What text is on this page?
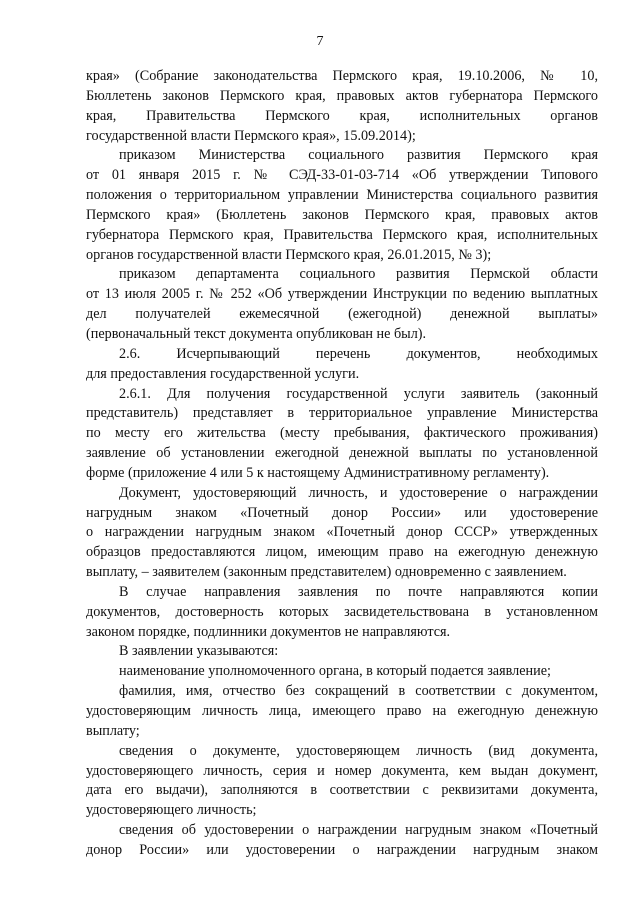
7
края» (Собрание законодательства Пермского края, 19.10.2006, № 10,
Бюллетень законов Пермского края, правовых актов губернатора Пермского
края, Правительства Пермского края, исполнительных органов
государственной власти Пермского края», 15.09.2014);
приказом Министерства социального развития Пермского края
от 01 января 2015 г. № СЭД-33-01-03-714 «Об утверждении Типового
положения о территориальном управлении Министерства социального развития
Пермского края» (Бюллетень законов Пермского края, правовых актов
губернатора Пермского края, Правительства Пермского края, исполнительных
органов государственной власти Пермского края, 26.01.2015, № 3);
приказом департамента социального развития Пермской области
от 13 июля 2005 г. № 252 «Об утверждении Инструкции по ведению выплатных
дел получателей ежемесячной (ежегодной) денежной выплаты»
(первоначальный текст документа опубликован не был).
2.6. Исчерпывающий перечень документов, необходимых
для предоставления государственной услуги.
2.6.1. Для получения государственной услуги заявитель (законный
представитель) представляет в территориальное управление Министерства
по месту его жительства (месту пребывания, фактического проживания)
заявление об установлении ежегодной денежной выплаты по установленной
форме (приложение 4 или 5 к настоящему Административному регламенту).
Документ, удостоверяющий личность, и удостоверение о награждении
нагрудным знаком «Почетный донор России» или удостоверение
о награждении нагрудным знаком «Почетный донор СССР» утвержденных
образцов предоставляются лицом, имеющим право на ежегодную денежную
выплату, – заявителем (законным представителем) одновременно с заявлением.
В случае направления заявления по почте направляются копии
документов, достоверность которых засвидетельствована в установленном
законом порядке, подлинники документов не направляются.
В заявлении указываются:
наименование уполномоченного органа, в который подается заявление;
фамилия, имя, отчество без сокращений в соответствии с документом,
удостоверяющим личность лица, имеющего право на ежегодную денежную
выплату;
сведения о документе, удостоверяющем личность (вид документа,
удостоверяющего личность, серия и номер документа, кем выдан документ,
дата его выдачи), заполняются в соответствии с реквизитами документа,
удостоверяющего личность;
сведения об удостоверении о награждении нагрудным знаком «Почетный
донор России» или удостоверении о награждении нагрудным знаком
